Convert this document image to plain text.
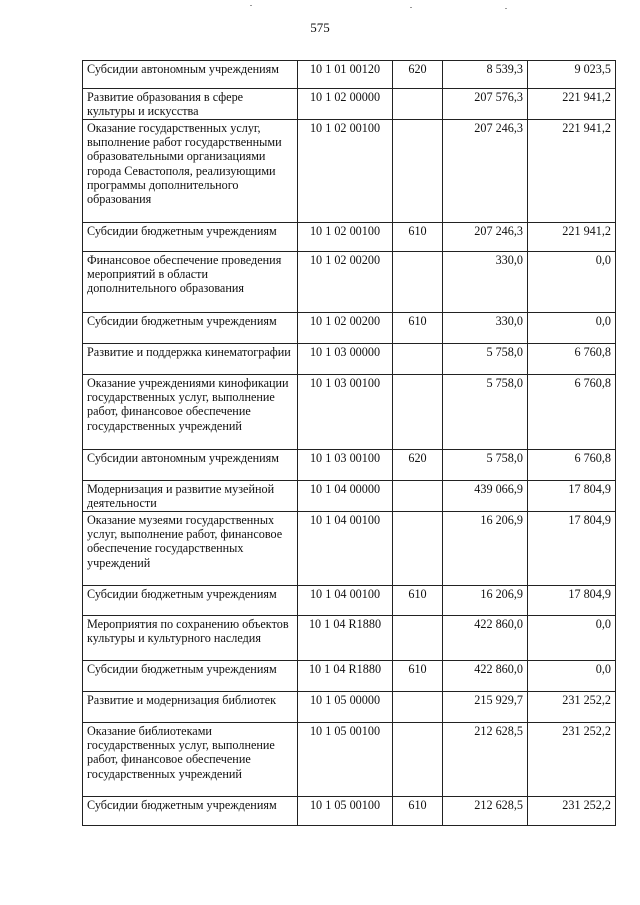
575
Субсидии автономным учреждениям	10 1 01 00120	620	8 539,3	9 023,5
Развитие образования в сфере культуры и искусства	10 1 02 00000		207 576,3	221 941,2
Оказание государственных услуг, выполнение работ государственными образовательными организациями города Севастополя, реализующими программы дополнительного образования	10 1 02 00100		207 246,3	221 941,2
Субсидии бюджетным учреждениям	10 1 02 00100	610	207 246,3	221 941,2
Финансовое обеспечение проведения мероприятий в области дополнительного образования	10 1 02 00200		330,0	0,0
Субсидии бюджетным учреждениям	10 1 02 00200	610	330,0	0,0
Развитие и поддержка кинематографии	10 1 03 00000		5 758,0	6 760,8
Оказание учреждениями кинофикации государственных услуг, выполнение работ, финансовое обеспечение государственных учреждений	10 1 03 00100		5 758,0	6 760,8
Субсидии автономным учреждениям	10 1 03 00100	620	5 758,0	6 760,8
Модернизация и развитие музейной деятельности	10 1 04 00000		439 066,9	17 804,9
Оказание музеями государственных услуг, выполнение работ, финансовое обеспечение государственных учреждений	10 1 04 00100		16 206,9	17 804,9
Субсидии бюджетным учреждениям	10 1 04 00100	610	16 206,9	17 804,9
Мероприятия по сохранению объектов культуры и культурного наследия	10 1 04 R1880		422 860,0	0,0
Субсидии бюджетным учреждениям	10 1 04 R1880	610	422 860,0	0,0
Развитие и модернизация библиотек	10 1 05 00000		215 929,7	231 252,2
Оказание библиотеками государственных услуг, выполнение работ, финансовое обеспечение государственных учреждений	10 1 05 00100		212 628,5	231 252,2
Субсидии бюджетным учреждениям	10 1 05 00100	610	212 628,5	231 252,2
